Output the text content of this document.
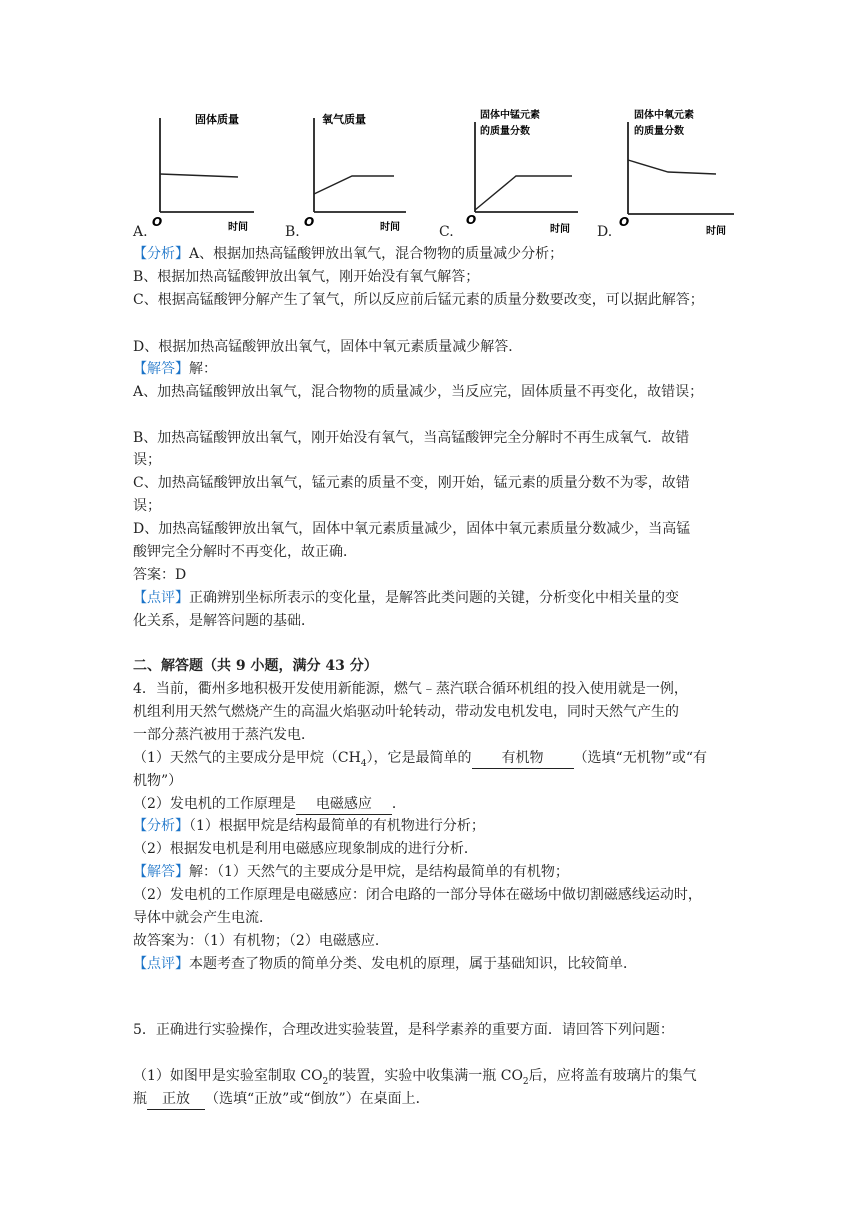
A.
固体质量
O	时间	B.
氧气质量
O	时间	C.
固体中锰元素
的质量分数
O
时间 D.
固体中氧元素
的质量分数
O
时间
【分析】A、根据加热高锰酸钾放出氧气，混合物物的质量减少分析；
B、根据加热高锰酸钾放出氧气，刚开始没有氧气解答；
C、根据高锰酸钾分解产生了氧气，所以反应前后锰元素的质量分数要改变，可以据此解答；
D、根据加热高锰酸钾放出氧气，固体中氧元素质量减少解答．
【解答】解：
A、加热高锰酸钾放出氧气，混合物物的质量减少，当反应完，固体质量不再变化，故错误；
B、加热高锰酸钾放出氧气，刚开始没有氧气，当高锰酸钾完全分解时不再生成氧气．故错
误；
C、加热高锰酸钾放出氧气，锰元素的质量不变，刚开始，锰元素的质量分数不为零，故错
误；
D、加热高锰酸钾放出氧气，固体中氧元素质量减少，固体中氧元素质量分数减少，当高锰
酸钾完全分解时不再变化，故正确．
答案：D
【点评】正确辨别坐标所表示的变化量，是解答此类问题的关键，分析变化中相关量的变
化关系，是解答问题的基础．
二、解答题（共 9 小题，满分 43 分）
4．当前，衢州多地积极开发使用新能源，燃气﹣蒸汽联合循环机组的投入使用就是一例，
机组利用天然气燃烧产生的高温火焰驱动叶轮转动，带动发电机发电，同时天然气产生的
一部分蒸汽被用于蒸汽发电．
（1）天然气的主要成分是甲烷$(CH_4)$，它是最简单的 有机物 （选填“无机物”或“有
机物”）
（2）发电机的工作原理是 电磁感应 ．
【分析】（1）根据甲烷是结构最简单的有机物进行分析；
（2）根据发电机是利用电磁感应现象制成的进行分析．
【解答】解：（1）天然气的主要成分是甲烷，是结构最简单的有机物；
（2）发电机的工作原理是电磁感应：闭合电路的一部分导体在磁场中做切割磁感线运动时，
导体中就会产生电流．
故答案为：（1）有机物；（2）电磁感应．
【点评】本题考查了物质的简单分类、发电机的原理，属于基础知识，比较简单．
5．正确进行实验操作，合理改进实验装置，是科学素养的重要方面．请回答下列问题：
（1）如图甲是实验室制取 $CO_2$的装置，实验中收集满一瓶 $CO_2$后，应将盖有玻璃片的集气
瓶 正放 （选填“正放”或“倒放”）在桌面上．
